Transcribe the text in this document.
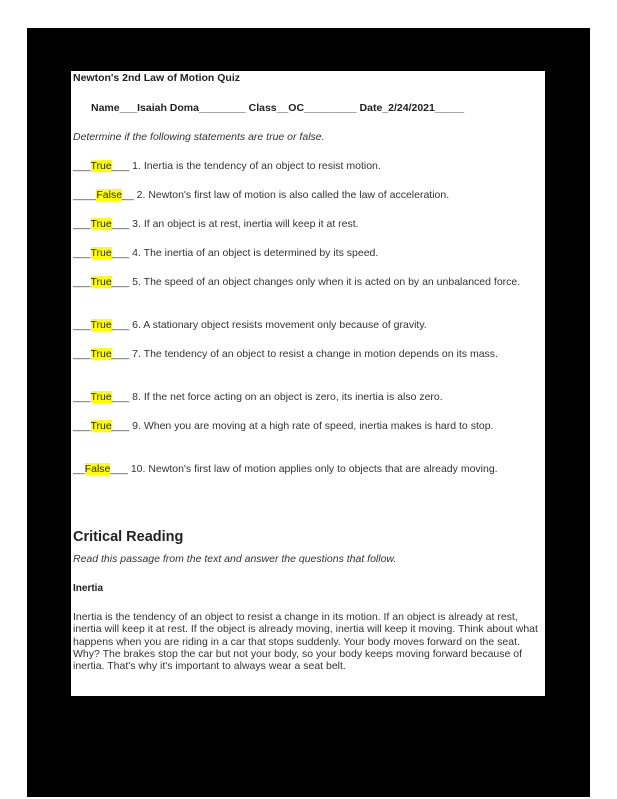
Newton's 2nd Law of Motion Quiz
Name___Isaiah Doma________ Class__OC_________ Date_2/24/2021_____
Determine if the following statements are true or false.
___True___ 1. Inertia is the tendency of an object to resist motion.
____False__ 2. Newton's first law of motion is also called the law of acceleration.
___True___ 3. If an object is at rest, inertia will keep it at rest.
___True___ 4. The inertia of an object is determined by its speed.
___True___ 5. The speed of an object changes only when it is acted on by an unbalanced force.
___True___ 6. A stationary object resists movement only because of gravity.
___True___ 7. The tendency of an object to resist a change in motion depends on its mass.
___True___ 8. If the net force acting on an object is zero, its inertia is also zero.
___True___ 9. When you are moving at a high rate of speed, inertia makes is hard to stop.
__False___ 10. Newton's first law of motion applies only to objects that are already moving.
Critical Reading
Read this passage from the text and answer the questions that follow.
Inertia
Inertia is the tendency of an object to resist a change in its motion. If an object is already at rest, inertia will keep it at rest. If the object is already moving, inertia will keep it moving. Think about what happens when you are riding in a car that stops suddenly. Your body moves forward on the seat. Why? The brakes stop the car but not your body, so your body keeps moving forward because of inertia. That's why it's important to always wear a seat belt.
